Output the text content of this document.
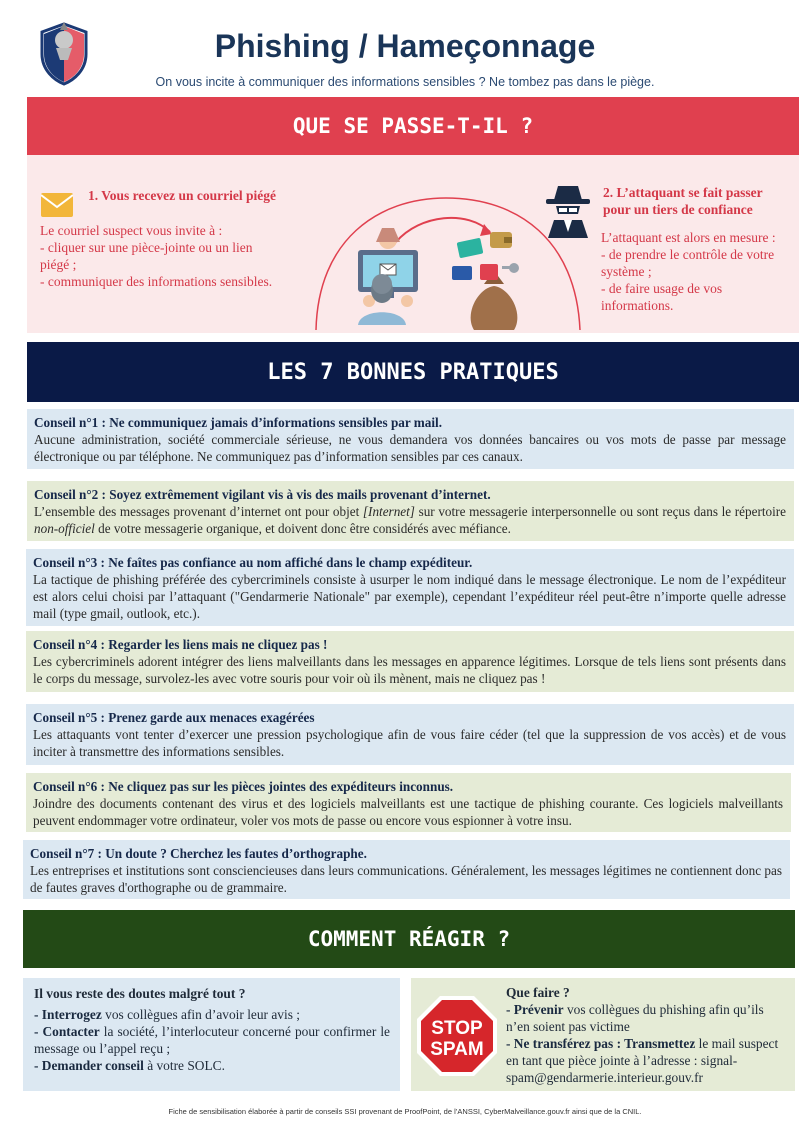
Phishing / Hameçonnage
On vous incite à communiquer des informations sensibles ? Ne tombez pas dans le piège.
QUE SE PASSE-T-IL ?
1. Vous recevez un courriel piégé
Le courriel suspect vous invite à :
- cliquer sur une pièce-jointe ou un lien
piégé ;
- communiquer des informations sensibles.
2. L’attaquant se fait passer
pour un tiers de confiance
L’attaquant est alors en mesure :
- de prendre le contrôle de votre
système ;
- de faire usage de vos
informations.
LES 7 BONNES PRATIQUES
Conseil n°1 : Ne communiquez jamais d’informations sensibles par mail.
Aucune administration, société commerciale sérieuse, ne vous demandera vos données bancaires ou vos mots de passe par message électronique ou par téléphone. Ne communiquez pas d’information sensibles par ces canaux.
Conseil n°2 : Soyez extrêmement vigilant vis à vis des mails provenant d’internet.
L’ensemble des messages provenant d’internet ont pour objet [Internet] sur votre messagerie interpersonnelle ou sont reçus dans le répertoire non-officiel de votre messagerie organique, et doivent donc être considérés avec méfiance.
Conseil n°3 : Ne faîtes pas confiance au nom affiché dans le champ expéditeur.
La tactique de phishing préférée des cybercriminels consiste à usurper le nom indiqué dans le message électronique. Le nom de l’expéditeur est alors celui choisi par l’attaquant ("Gendarmerie Nationale" par exemple), cependant l’expéditeur réel peut-être n’importe quelle adresse mail (type gmail, outlook, etc.).
Conseil n°4 : Regarder les liens mais ne cliquez pas !
Les cybercriminels adorent intégrer des liens malveillants dans les messages en apparence légitimes. Lorsque de tels liens sont présents dans le corps du message, survolez-les avec votre souris pour voir où ils mènent, mais ne cliquez pas !
Conseil n°5 : Prenez garde aux menaces exagérées
Les attaquants vont tenter d’exercer une pression psychologique afin de vous faire céder (tel que la suppression de vos accès) et de vous inciter à transmettre des informations sensibles.
Conseil n°6 : Ne cliquez pas sur les pièces jointes des expéditeurs inconnus.
Joindre des documents contenant des virus et des logiciels malveillants est une tactique de phishing courante. Ces logiciels malveillants peuvent endommager votre ordinateur, voler vos mots de passe ou encore vous espionner à votre insu.
Conseil n°7 : Un doute ? Cherchez les fautes d’orthographe.
Les entreprises et institutions sont consciencieuses dans leurs communications. Généralement, les messages légitimes ne contiennent donc pas de fautes graves d'orthographe ou de grammaire.
COMMENT RÉAGIR ?
Il vous reste des doutes malgré tout ?
- Interrogez vos collègues afin d’avoir leur avis ;
- Contacter la société, l’interlocuteur concerné pour confirmer le message ou l’appel reçu ;
- Demander conseil à votre SOLC.
STOP
SPAM
Que faire ?
- Prévenir vos collègues du phishing afin qu’ils n’en soient pas victime
- Ne transférez pas : Transmettez le mail suspect en tant que pièce jointe à l’adresse : signal-spam@gendarmerie.interieur.gouv.fr
Fiche de sensibilisation élaborée à partir de conseils SSI provenant de ProofPoint, de l’ANSSI, CyberMalveillance.gouv.fr ainsi que de la CNIL.
